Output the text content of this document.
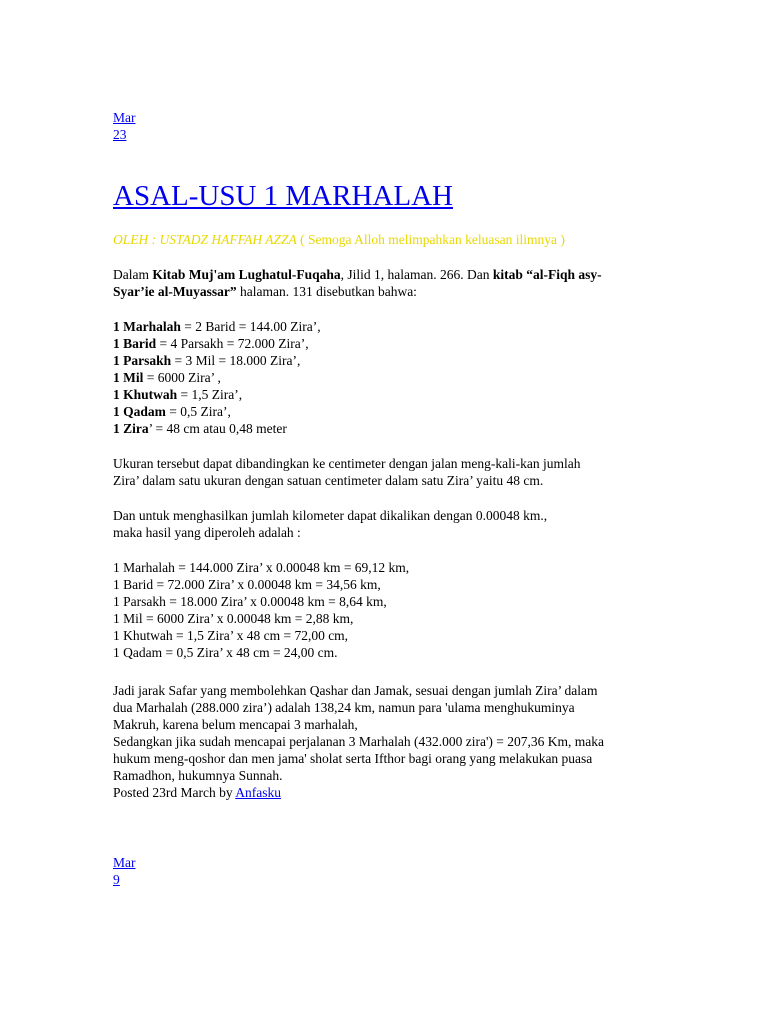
Mar
23
ASAL-USU 1 MARHALAH
OLEH : USTADZ HAFFAH AZZA ( Semoga Alloh melimpahkan keluasan ilimnya )
Dalam Kitab Muj'am Lughatul-Fuqaha, Jilid 1, halaman. 266. Dan kitab “al-Fiqh asy-
Syar’ie al-Muyassar” halaman. 131 disebutkan bahwa:
1 Marhalah = 2 Barid = 144.00 Zira’,
1 Barid = 4 Parsakh = 72.000 Zira’,
1 Parsakh = 3 Mil = 18.000 Zira’,
1 Mil = 6000 Zira’ ,
1 Khutwah = 1,5 Zira’,
1 Qadam = 0,5 Zira’,
1 Zira’ = 48 cm atau 0,48 meter
Ukuran tersebut dapat dibandingkan ke centimeter dengan jalan meng-kali-kan jumlah
Zira’ dalam satu ukuran dengan satuan centimeter dalam satu Zira’ yaitu 48 cm.
Dan untuk menghasilkan jumlah kilometer dapat dikalikan dengan 0.00048 km.,
maka hasil yang diperoleh adalah :
1 Marhalah = 144.000 Zira’ x 0.00048 km = 69,12 km,
1 Barid = 72.000 Zira’ x 0.00048 km = 34,56 km,
1 Parsakh = 18.000 Zira’ x 0.00048 km = 8,64 km,
1 Mil = 6000 Zira’ x 0.00048 km = 2,88 km,
1 Khutwah = 1,5 Zira’ x 48 cm = 72,00 cm,
1 Qadam = 0,5 Zira’ x 48 cm = 24,00 cm.
Jadi jarak Safar yang membolehkan Qashar dan Jamak, sesuai dengan jumlah Zira’ dalam
dua Marhalah (288.000 zira’) adalah 138,24 km, namun para 'ulama menghukuminya
Makruh, karena belum mencapai 3 marhalah,
Sedangkan jika sudah mencapai perjalanan 3 Marhalah (432.000 zira') = 207,36 Km, maka
hukum meng-qoshor dan men jama' sholat serta Ifthor bagi orang yang melakukan puasa
Ramadhon, hukumnya Sunnah.
Posted 23rd March by Anfasku
Mar
9
